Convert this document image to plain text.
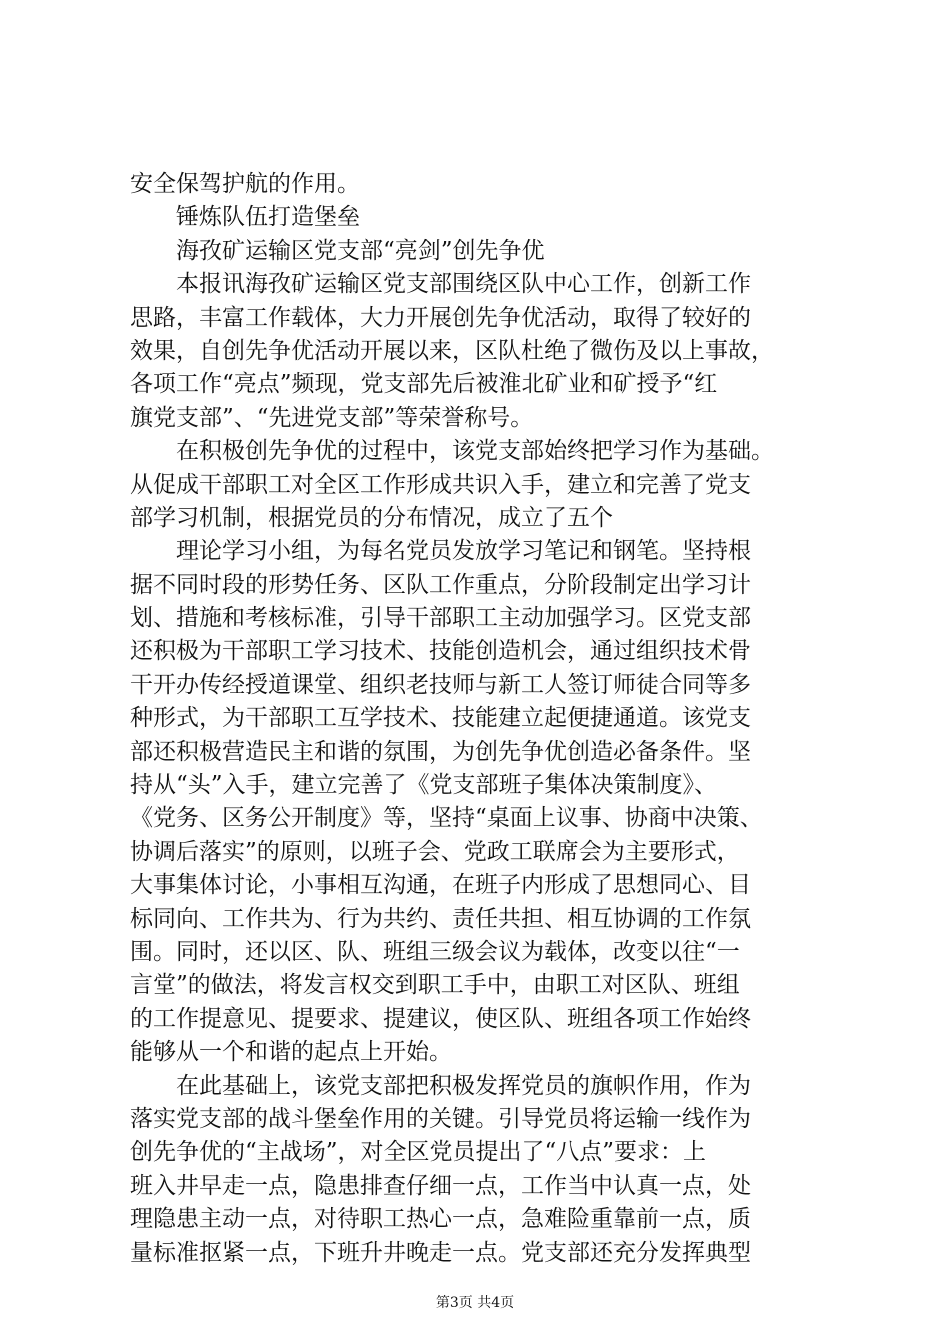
安全保驾护航的作用。
锤炼队伍打造堡垒
海孜矿运输区党支部“亮剑”创先争优
本报讯海孜矿运输区党支部围绕区队中心工作，创新工作
思路，丰富工作载体，大力开展创先争优活动，取得了较好的
效果，自创先争优活动开展以来，区队杜绝了微伤及以上事故，
各项工作“亮点”频现，党支部先后被淮北矿业和矿授予“红
旗党支部”、“先进党支部”等荣誉称号。
在积极创先争优的过程中，该党支部始终把学习作为基础。
从促成干部职工对全区工作形成共识入手，建立和完善了党支
部学习机制，根据党员的分布情况，成立了五个
理论学习小组，为每名党员发放学习笔记和钢笔。坚持根
据不同时段的形势任务、区队工作重点，分阶段制定出学习计
划、措施和考核标准，引导干部职工主动加强学习。区党支部
还积极为干部职工学习技术、技能创造机会，通过组织技术骨
干开办传经授道课堂、组织老技师与新工人签订师徒合同等多
种形式，为干部职工互学技术、技能建立起便捷通道。该党支
部还积极营造民主和谐的氛围，为创先争优创造必备条件。坚
持从“头”入手，建立完善了《党支部班子集体决策制度》、
《党务、区务公开制度》等，坚持“桌面上议事、协商中决策、
协调后落实”的原则，以班子会、党政工联席会为主要形式，
大事集体讨论，小事相互沟通，在班子内形成了思想同心、目
标同向、工作共为、行为共约、责任共担、相互协调的工作氛
围。同时，还以区、队、班组三级会议为载体，改变以往“一
言堂”的做法，将发言权交到职工手中，由职工对区队、班组
的工作提意见、提要求、提建议，使区队、班组各项工作始终
能够从一个和谐的起点上开始。
在此基础上，该党支部把积极发挥党员的旗帜作用，作为
落实党支部的战斗堡垒作用的关键。引导党员将运输一线作为
创先争优的“主战场”，对全区党员提出了“八点”要求：上
班入井早走一点，隐患排查仔细一点，工作当中认真一点，处
理隐患主动一点，对待职工热心一点，急难险重靠前一点，质
量标准抠紧一点，下班升井晚走一点。党支部还充分发挥典型
第3页 共4页
